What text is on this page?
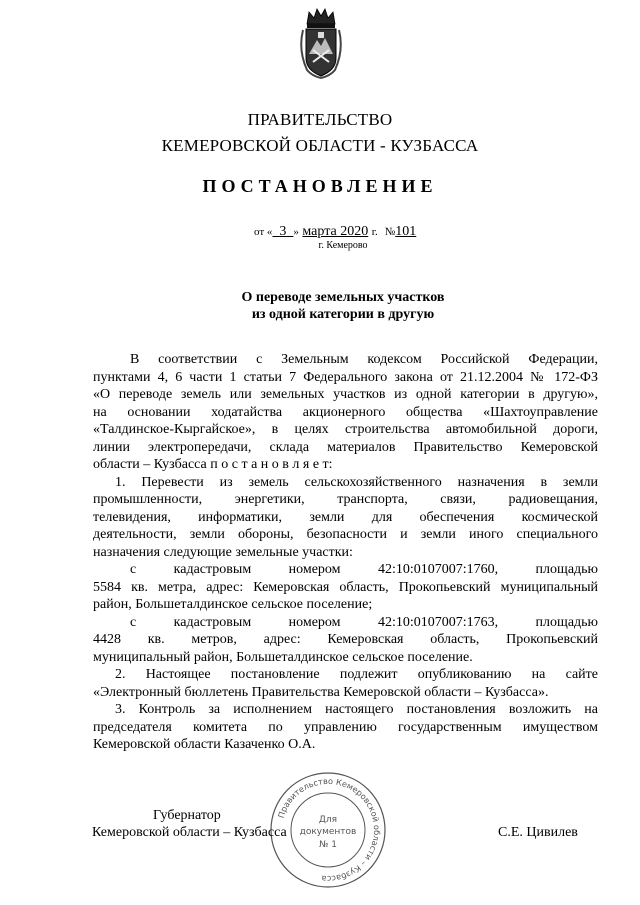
ПРАВИТЕЛЬСТВО
КЕМЕРОВСКОЙ ОБЛАСТИ - КУЗБАССА
ПОСТАНОВЛЕНИЕ
от « 3 » марта 2020 г. №101
г. Кемерово
О переводе земельных участков
из одной категории в другую
В соответствии с Земельным кодексом Российской Федерации,
пунктами 4, 6 части 1 статьи 7 Федерального закона от 21.12.2004 № 172-ФЗ
«О переводе земель или земельных участков из одной категории в другую»,
на основании ходатайства акционерного общества «Шахтоуправление
«Талдинское-Кыргайское», в целях строительства автомобильной дороги,
линии электропередачи, склада материалов Правительство Кемеровской
области – Кузбасса п о с т а н о в л я е т:
1. Перевести из земель сельскохозяйственного назначения в земли
промышленности, энергетики, транспорта, связи, радиовещания,
телевидения, информатики, земли для обеспечения космической
деятельности, земли обороны, безопасности и земли иного специального
назначения следующие земельные участки:
с кадастровым номером 42:10:0107007:1760, площадью
5584 кв. метра, адрес: Кемеровская область, Прокопьевский муниципальный
район, Большеталдинское сельское поселение;
с кадастровым номером 42:10:0107007:1763, площадью
4428 кв. метров, адрес: Кемеровская область, Прокопьевский
муниципальный район, Большеталдинское сельское поселение.
2. Настоящее постановление подлежит опубликованию на сайте
«Электронный бюллетень Правительства Кемеровской области – Кузбасса».
3. Контроль за исполнением настоящего постановления возложить на
председателя комитета по управлению государственным имуществом
Кемеровской области Казаченко О.А.
Правительство Кемеровской области – Кузбасса
Для
документов
№ 1
Губернатор
Кемеровской области – Кузбасса	С.Е. Цивилев
